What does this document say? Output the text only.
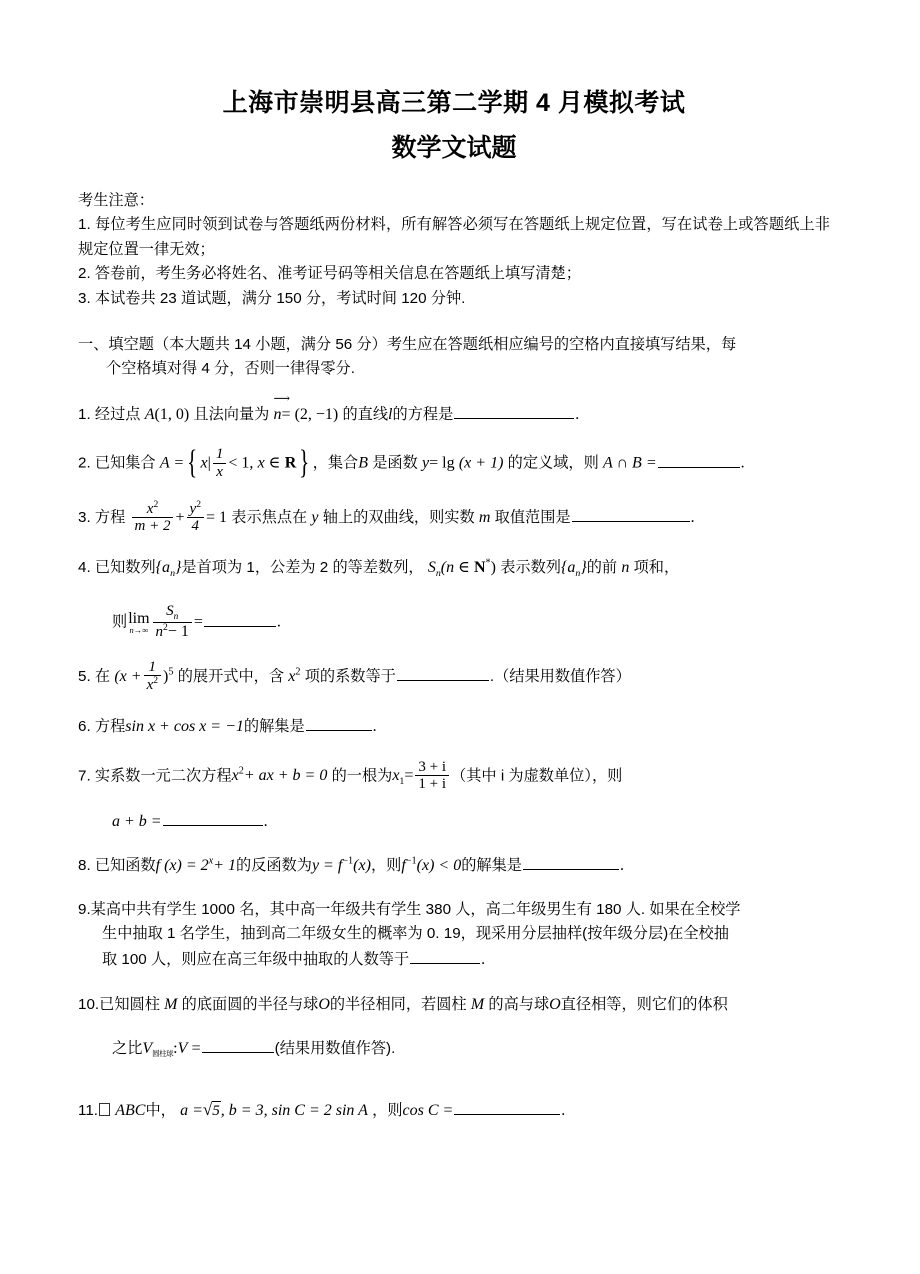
上海市崇明县高三第二学期 4 月模拟考试
数学文试题
考生注意：
1. 每位考生应同时领到试卷与答题纸两份材料，所有解答必须写在答题纸上规定位置，写在试卷上或答题纸上非规定位置一律无效；
2. 答卷前，考生务必将姓名、准考证号码等相关信息在答题纸上填写清楚；
3. 本试卷共 23 道试题，满分 150 分，考试时间 120 分钟.
一、填空题（本大题共 14 小题，满分 56 分）考生应在答题纸相应编号的空格内直接填写结果，每
个空格填对得 4 分，否则一律得零分.
1. 经过点 A(1, 0) 且法向量为
⟶
n= (2, −1) 的直线l的方程是	.
2. 已知集合 A ={ $x| \frac{1}{x} < 1$, x ∈ R} ，集合B 是函数 y= lg (x + 1) 的定义域，则 A ∩ B =	.
3. 方程 $\frac{x^2}{m + 2} + \frac{y^2}{4} = 1$ 表示焦点在 y 轴上的双曲线，则实数 m 取值范围是	.
4. 已知数列$\{a_n\}$是首项为 1，公差为 2 的等差数列， $S_n(n$ ∈ N*) 表示数列$\{a_n\}$的前 n 项和，
则 lim
$n\to\infty \frac{S_n}{n^2- 1}$ =	.
5. 在 $(x + \frac{1}{x^2} )^5$ 的展开式中，含 $x^2$ 项的系数等于	.（结果用数值作答）
6. 方程sin x + cos x = −1的解集是	.
7. 实系数一元二次方程$x^2+$ ax + b = 0 的一根为$x_1= \frac{3 + i}{1 + i}$ （其中 i 为虚数单位），则
a + b =	.
8. 已知函数f $(x) = 2^x+ 1$的反函数为$y = f^{-1}(x)$，则$f^{-1}(x) < 0$的解集是	.
9.某高中共有学生 1000 名，其中高一年级共有学生 380 人，高二年级男生有 180 人. 如果在全校学
生中抽取 1 名学生，抽到高二年级女生的概率为 0. 19，现采用分层抽样(按年级分层)在全校抽
取 100 人，则应在高三年级中抽取的人数等于	.
10.已知圆柱 M 的底面圆的半径与球O的半径相同，若圆柱 M 的高与球O直径相等，则它们的体积
之比V圆柱球:V =	(结果用数值作答).
11. ABC中， a =√5, b = 3, sin C = 2 sin A ，则cos C =	.
